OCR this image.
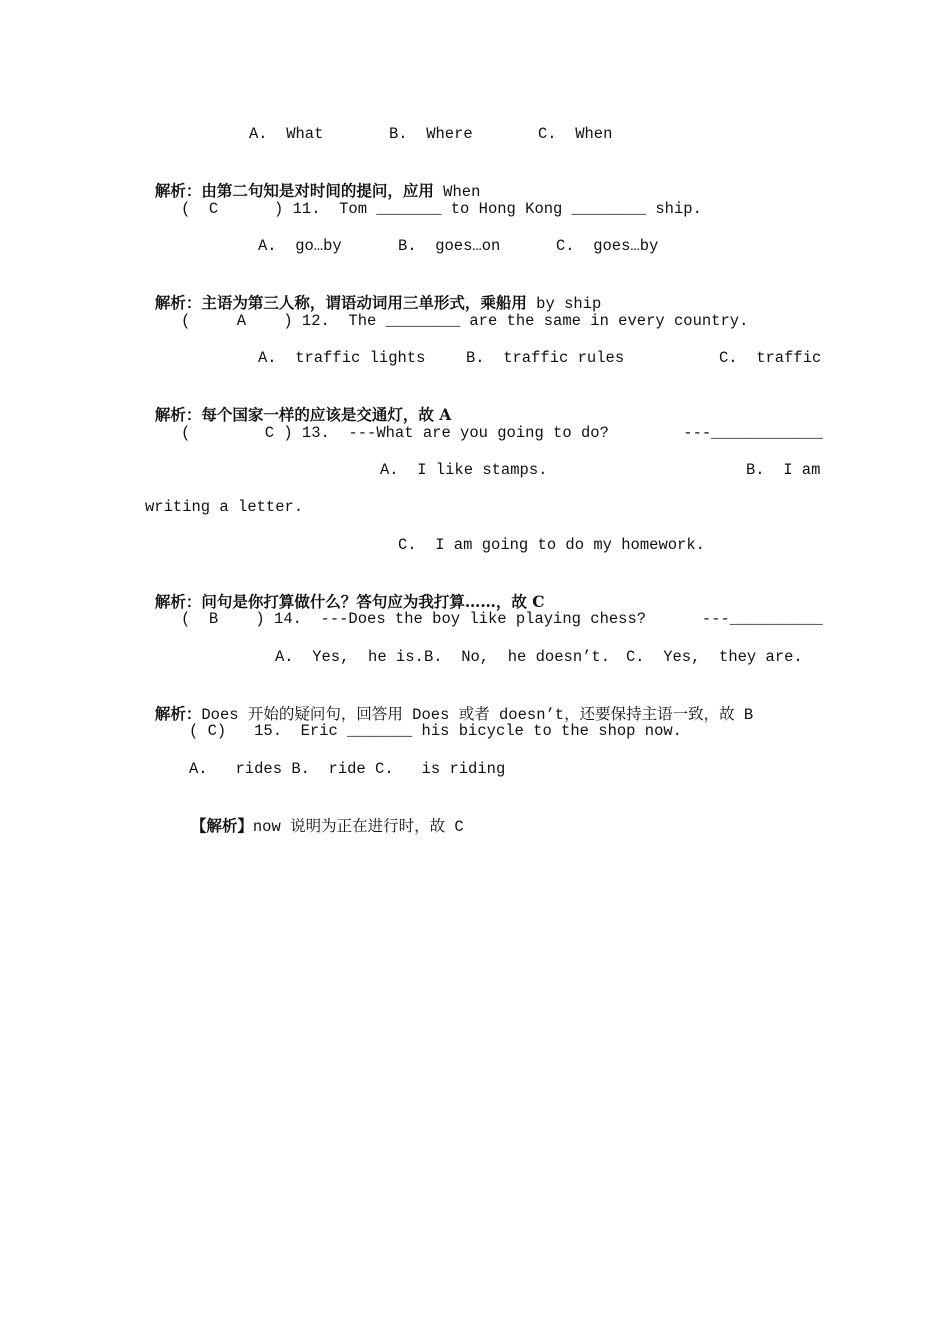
A.  What	B.  Where	C.  When

解析：由第二句知是对时间的提问，应用 When

(  C      ) 11.  Tom _______ to Hong Kong ________ ship.
A.  go…by	B.  goes…on	C.  goes…by

解析：主语为第三人称，谓语动词用三单形式，乘船用 by ship

(     A    ) 12.  The ________ are the same in every country.
A.  traffic lights	B.  traffic rules	C.  traffic

解析：每个国家一样的应该是交通灯，故 A

(        C ) 13.  ---What are you going to do?        ---____________
A.  I like stamps.	B.  I am
writing a letter.
C.  I am going to do my homework.

解析：问句是你打算做什么？答句应为我打算……，故 C

(  B    ) 14.  ---Does the boy like playing chess?      ---__________
A.  Yes,  he is. B.  No,  he doesn’t. C.  Yes,  they are.

解析：Does 开始的疑问句，回答用 Does 或者 doesn’t，还要保持主语一致，故 B

( C)   15.  Eric _______ his bicycle to the shop now.
A.   rides B.  ride C.   is riding

【解析】now 说明为正在进行时，故 C
